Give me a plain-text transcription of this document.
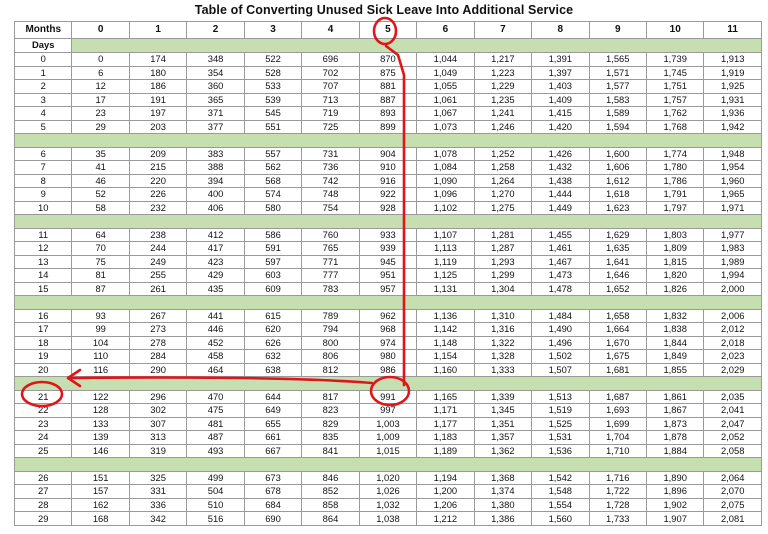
Table of Converting Unused Sick Leave Into Additional Service
Months	0	1	2	3	4	5	6	7	8	9	10	11
Days												
0	0	174	348	522	696	870	1,044	1,217	1,391	1,565	1,739	1,913
1	6	180	354	528	702	875	1,049	1,223	1,397	1,571	1,745	1,919
2	12	186	360	533	707	881	1,055	1,229	1,403	1,577	1,751	1,925
3	17	191	365	539	713	887	1,061	1,235	1,409	1,583	1,757	1,931
4	23	197	371	545	719	893	1,067	1,241	1,415	1,589	1,762	1,936
5	29	203	377	551	725	899	1,073	1,246	1,420	1,594	1,768	1,942

6	35	209	383	557	731	904	1,078	1,252	1,426	1,600	1,774	1,948
7	41	215	388	562	736	910	1,084	1,258	1,432	1,606	1,780	1,954
8	46	220	394	568	742	916	1,090	1,264	1,438	1,612	1,786	1,960
9	52	226	400	574	748	922	1,096	1,270	1,444	1,618	1,791	1,965
10	58	232	406	580	754	928	1,102	1,275	1,449	1,623	1,797	1,971

11	64	238	412	586	760	933	1,107	1,281	1,455	1,629	1,803	1,977
12	70	244	417	591	765	939	1,113	1,287	1,461	1,635	1,809	1,983
13	75	249	423	597	771	945	1,119	1,293	1,467	1,641	1,815	1,989
14	81	255	429	603	777	951	1,125	1,299	1,473	1,646	1,820	1,994
15	87	261	435	609	783	957	1,131	1,304	1,478	1,652	1,826	2,000

16	93	267	441	615	789	962	1,136	1,310	1,484	1,658	1,832	2,006
17	99	273	446	620	794	968	1,142	1,316	1,490	1,664	1,838	2,012
18	104	278	452	626	800	974	1,148	1,322	1,496	1,670	1,844	2,018
19	110	284	458	632	806	980	1,154	1,328	1,502	1,675	1,849	2,023
20	116	290	464	638	812	986	1,160	1,333	1,507	1,681	1,855	2,029

21	122	296	470	644	817	991	1,165	1,339	1,513	1,687	1,861	2,035
22	128	302	475	649	823	997	1,171	1,345	1,519	1,693	1,867	2,041
23	133	307	481	655	829	1,003	1,177	1,351	1,525	1,699	1,873	2,047
24	139	313	487	661	835	1,009	1,183	1,357	1,531	1,704	1,878	2,052
25	146	319	493	667	841	1,015	1,189	1,362	1,536	1,710	1,884	2,058

26	151	325	499	673	846	1,020	1,194	1,368	1,542	1,716	1,890	2,064
27	157	331	504	678	852	1,026	1,200	1,374	1,548	1,722	1,896	2,070
28	162	336	510	684	858	1,032	1,206	1,380	1,554	1,728	1,902	2,075
29	168	342	516	690	864	1,038	1,212	1,386	1,560	1,733	1,907	2,081
